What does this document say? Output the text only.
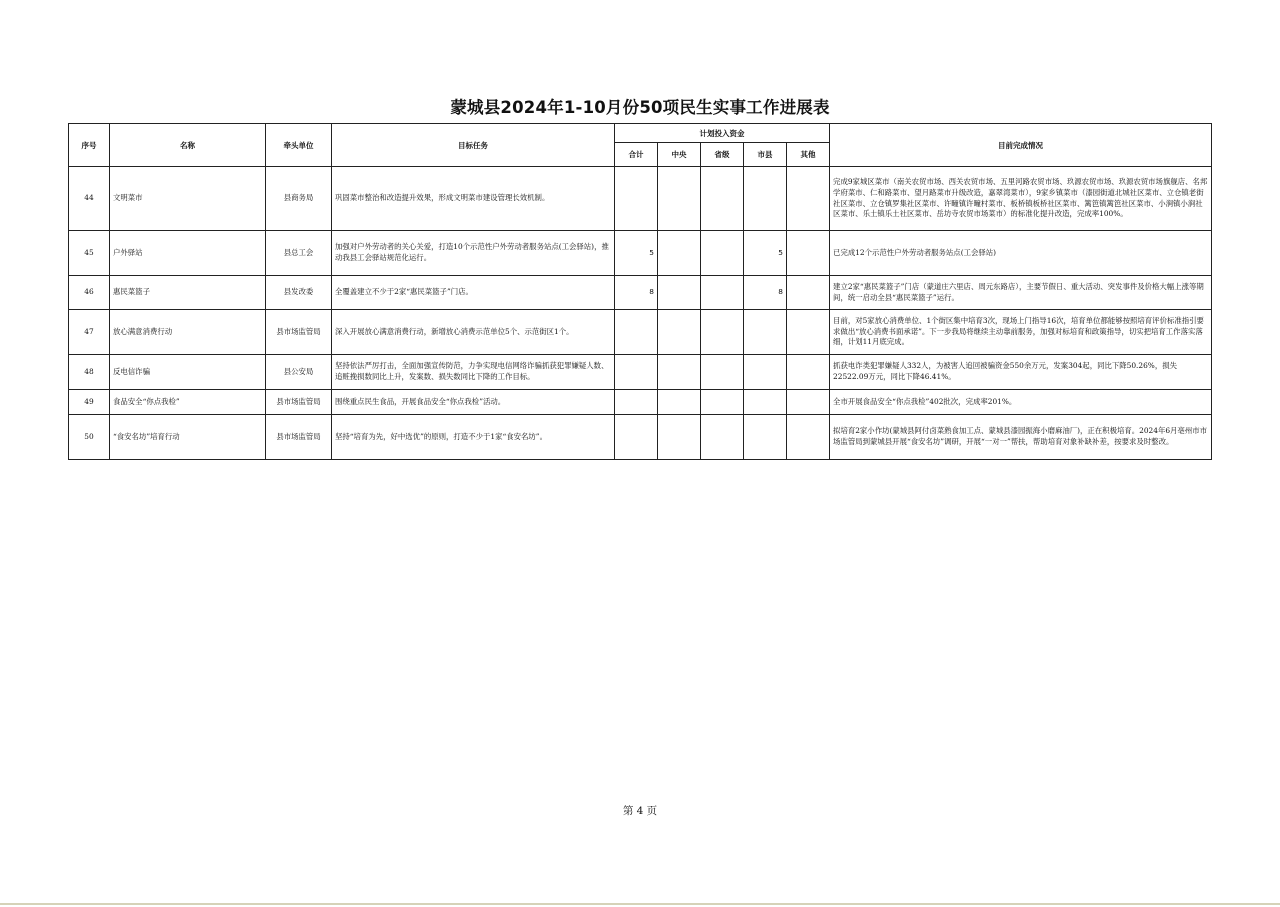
蒙城县2024年1-10月份50项民生实事工作进展表
序号	名称	牵头单位	目标任务	计划投入资金					目前完成情况
				合计	中央	省级	市县	其他	
44	文明菜市	县商务局	巩固菜市整治和改造提升效果，形成文明菜市建设管理长效机制。						完成9家城区菜市（南关农贸市场、西关农贸市场、五里河路农贸市场、玖源农贸市场、玖源农贸市场旗舰店、名邦学府菜市、仁和路菜市、望月路菜市升级改造，嘉翠湾菜市），9家乡镇菜市（漆园街道北城社区菜市、立仓镇老街社区菜市、立仓镇罗集社区菜市、许疃镇许疃村菜市、板桥镇板桥社区菜市、篱笆镇篱笆社区菜市、小涧镇小涧社区菜市、乐土镇乐土社区菜市、岳坊寺农贸市场菜市）的标准化提升改造，完成率100%。
45	户外驿站	县总工会	加强对户外劳动者的关心关爱，打造10个示范性户外劳动者服务站点(工会驿站)，推动我县工会驿站规范化运行。	5			5		已完成12个示范性户外劳动者服务站点(工会驿站)
46	惠民菜篮子	县发改委	全覆盖建立不少于2家“惠民菜篮子”门店。	8			8		建立2家“惠民菜篮子”门店（蒙道庄六里店、周元东路店），主要节假日、重大活动、突发事件及价格大幅上涨等期间，统一启动全县“惠民菜篮子”运行。
47	放心满意消费行动	县市场监管局	深入开展放心满意消费行动，新增放心消费示范单位5个、示范街区1个。						目前，对5家放心消费单位、1个街区集中培育3次，现场上门指导16次，培育单位都能够按照培育评价标准指引要求做出“放心消费书面承诺”。下一步我局将继续主动靠前服务，加强对标培育和政策指导，切实把培育工作落实落细，计划11月底完成。
48	反电信诈骗	县公安局	坚持依法严厉打击，全面加强宣传防范，力争实现电信网络诈骗抓获犯罪嫌疑人数、追赃挽损数同比上升，发案数、损失数同比下降的工作目标。						抓获电诈类犯罪嫌疑人332人，为被害人追回被骗资金550余万元，发案304起，同比下降50.26%，损失22522.09万元，同比下降46.41%。
49	食品安全“你点我检”	县市场监管局	围绕重点民生食品，开展食品安全“你点我检”活动。						全市开展食品安全“你点我检”402批次，完成率201%。
50	“食安名坊”培育行动	县市场监管局	坚持“培育为先，好中选优”的原则，打造不少于1家“食安名坊”。						拟培育2家小作坊(蒙城县阿付卤菜熟食加工点、蒙城县漆园振海小磨麻油厂)，正在积极培育。2024年6月亳州市市场监管局到蒙城县开展“食安名坊”调研，开展“一对一”帮扶，帮助培育对象补缺补差，按要求及时整改。
第 4 页
